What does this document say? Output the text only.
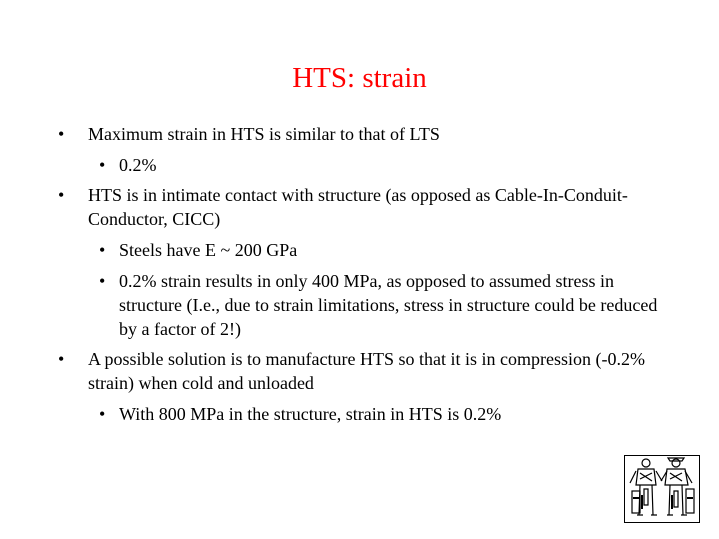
HTS: strain
• Maximum strain in HTS is similar to that of LTS
• 0.2%
• HTS is in intimate contact with structure (as opposed as Cable-In-Conduit-Conductor, CICC)
• Steels have E ~ 200 GPa
• 0.2% strain results in only 400 MPa, as opposed to assumed stress in structure (I.e., due to strain limitations, stress in structure could be reduced by a factor of 2!)
• A possible solution is to manufacture HTS so that it is in compression (-0.2% strain) when cold and unloaded
• With 800 MPa in the structure, strain in HTS is 0.2%
